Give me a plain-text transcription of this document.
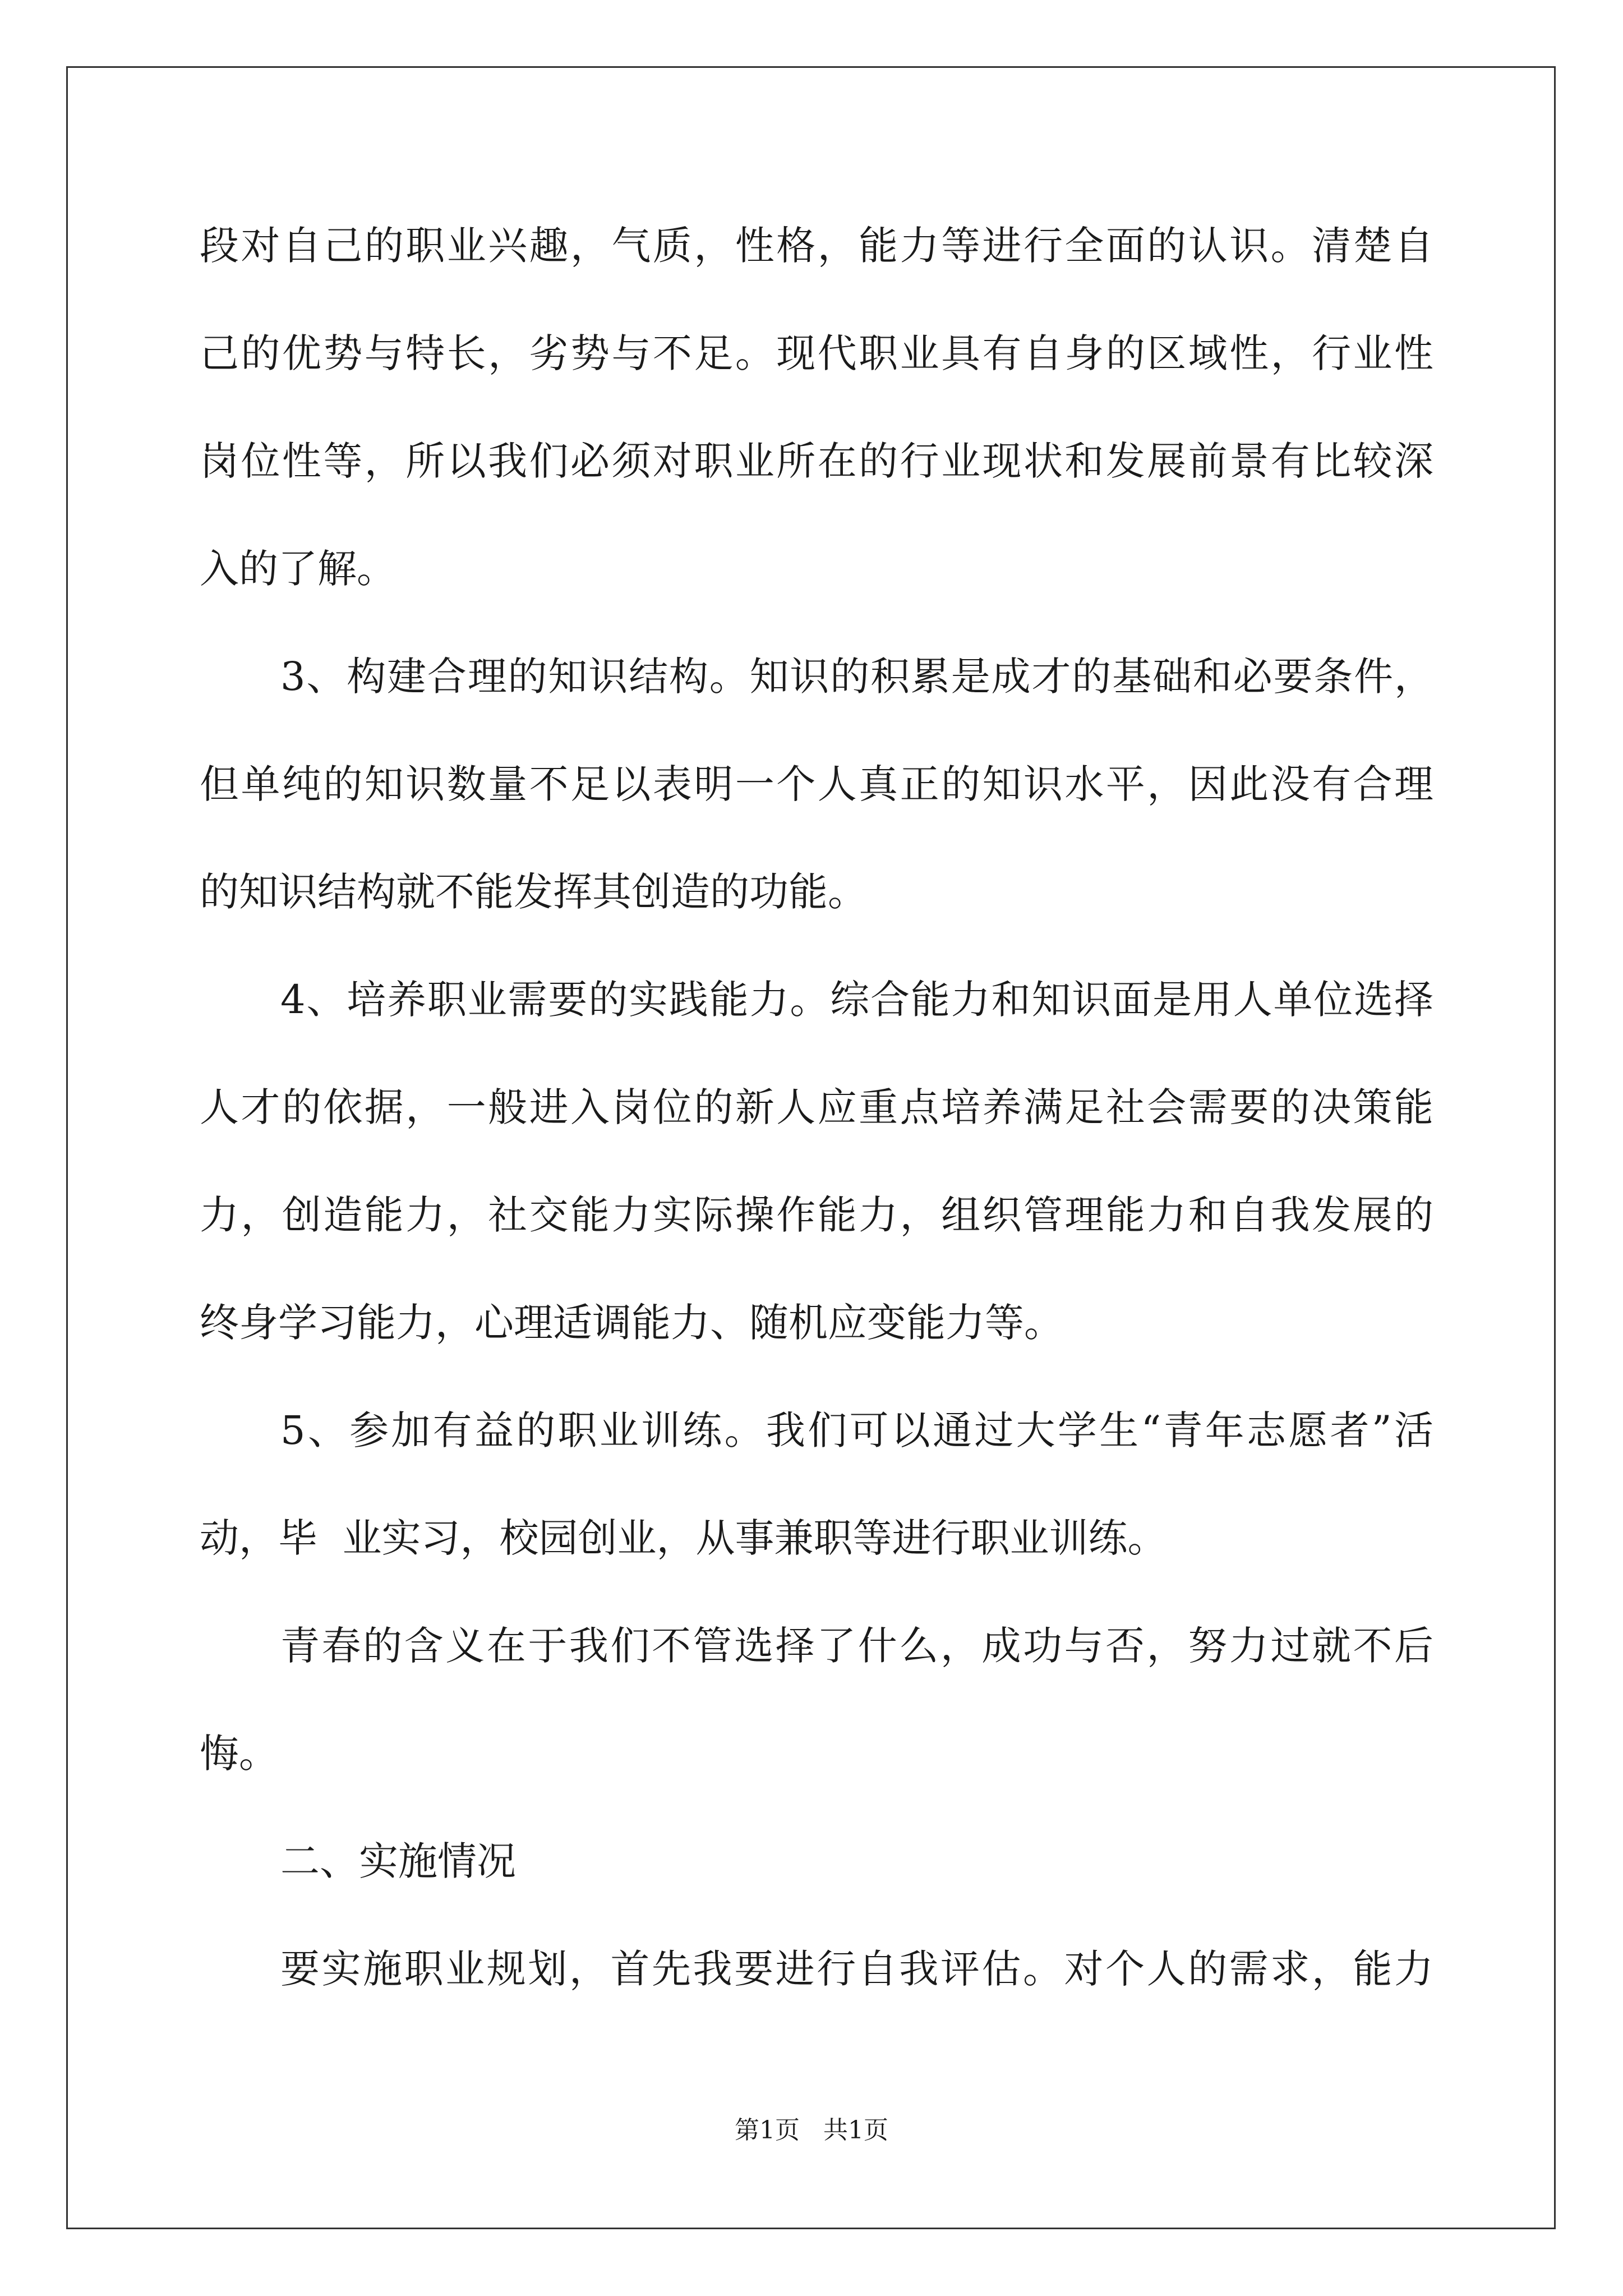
段对自己的职业兴趣，气质，性格，能力等进行全面的认识。清楚自

己的优势与特长，劣势与不足。现代职业具有自身的区域性，行业性

岗位性等，所以我们必须对职业所在的行业现状和发展前景有比较深

入的了解。

3、构建合理的知识结构。知识的积累是成才的基础和必要条件，

但单纯的知识数量不足以表明一个人真正的知识水平，因此没有合理

的知识结构就不能发挥其创造的功能。

4、培养职业需要的实践能力。综合能力和知识面是用人单位选择

人才的依据，一般进入岗位的新人应重点培养满足社会需要的决策能

力，创造能力，社交能力实际操作能力，组织管理能力和自我发展的

终身学习能力，心理适调能力、随机应变能力等。

5、参加有益的职业训练。我们可以通过大学生“青年志愿者”活

动，毕  业实习，校园创业，从事兼职等进行职业训练。

青春的含义在于我们不管选择了什么，成功与否，努力过就不后

悔。

二、实施情况

要实施职业规划，首先我要进行自我评估。对个人的需求，能力

第1页 共1页
